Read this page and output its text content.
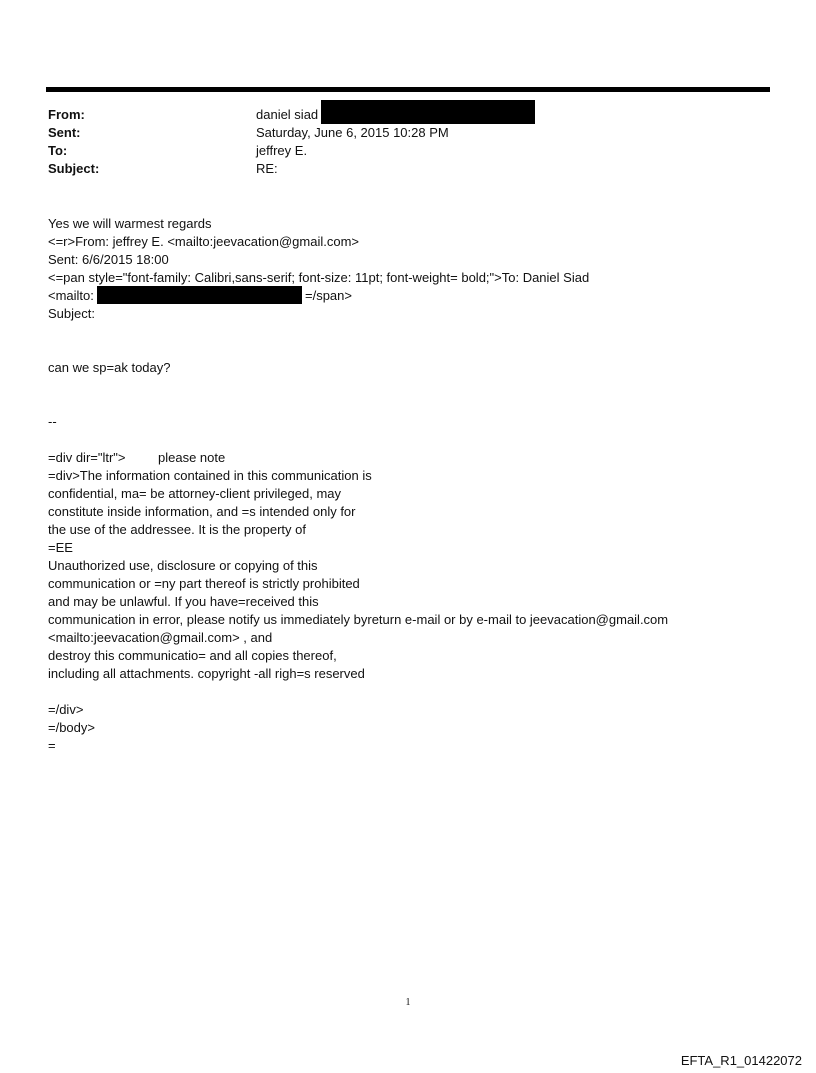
From:	daniel siad
Sent:	Saturday, June 6, 2015 10:28 PM
To:	jeffrey E.
Subject:	RE:
Yes we will warmest regards
<=r>From: jeffrey E. <mailto:jeevacation@gmail.com>
Sent: 6/6/2015 18:00
<=pan style="font-family: Calibri,sans-serif; font-size: 11pt; font-weight= bold;">To: Daniel Siad
<mailto:	=/span>
Subject:
can we sp=ak today?
--
=div dir="ltr"> please note
=div>The information contained in this communication is
confidential, ma= be attorney-client privileged, may
constitute inside information, and =s intended only for
the use of the addressee. It is the property of
=EE
Unauthorized use, disclosure or copying of this
communication or =ny part thereof is strictly prohibited
and may be unlawful. If you have=received this
communication in error, please notify us immediately byreturn e-mail or by e-mail to jeevacation@gmail.com
<mailto:jeevacation@gmail.com> , and
destroy this communicatio= and all copies thereof,
including all attachments. copyright -all righ=s reserved
=/div>
=/body>
=
1
EFTA_R1_01422072
